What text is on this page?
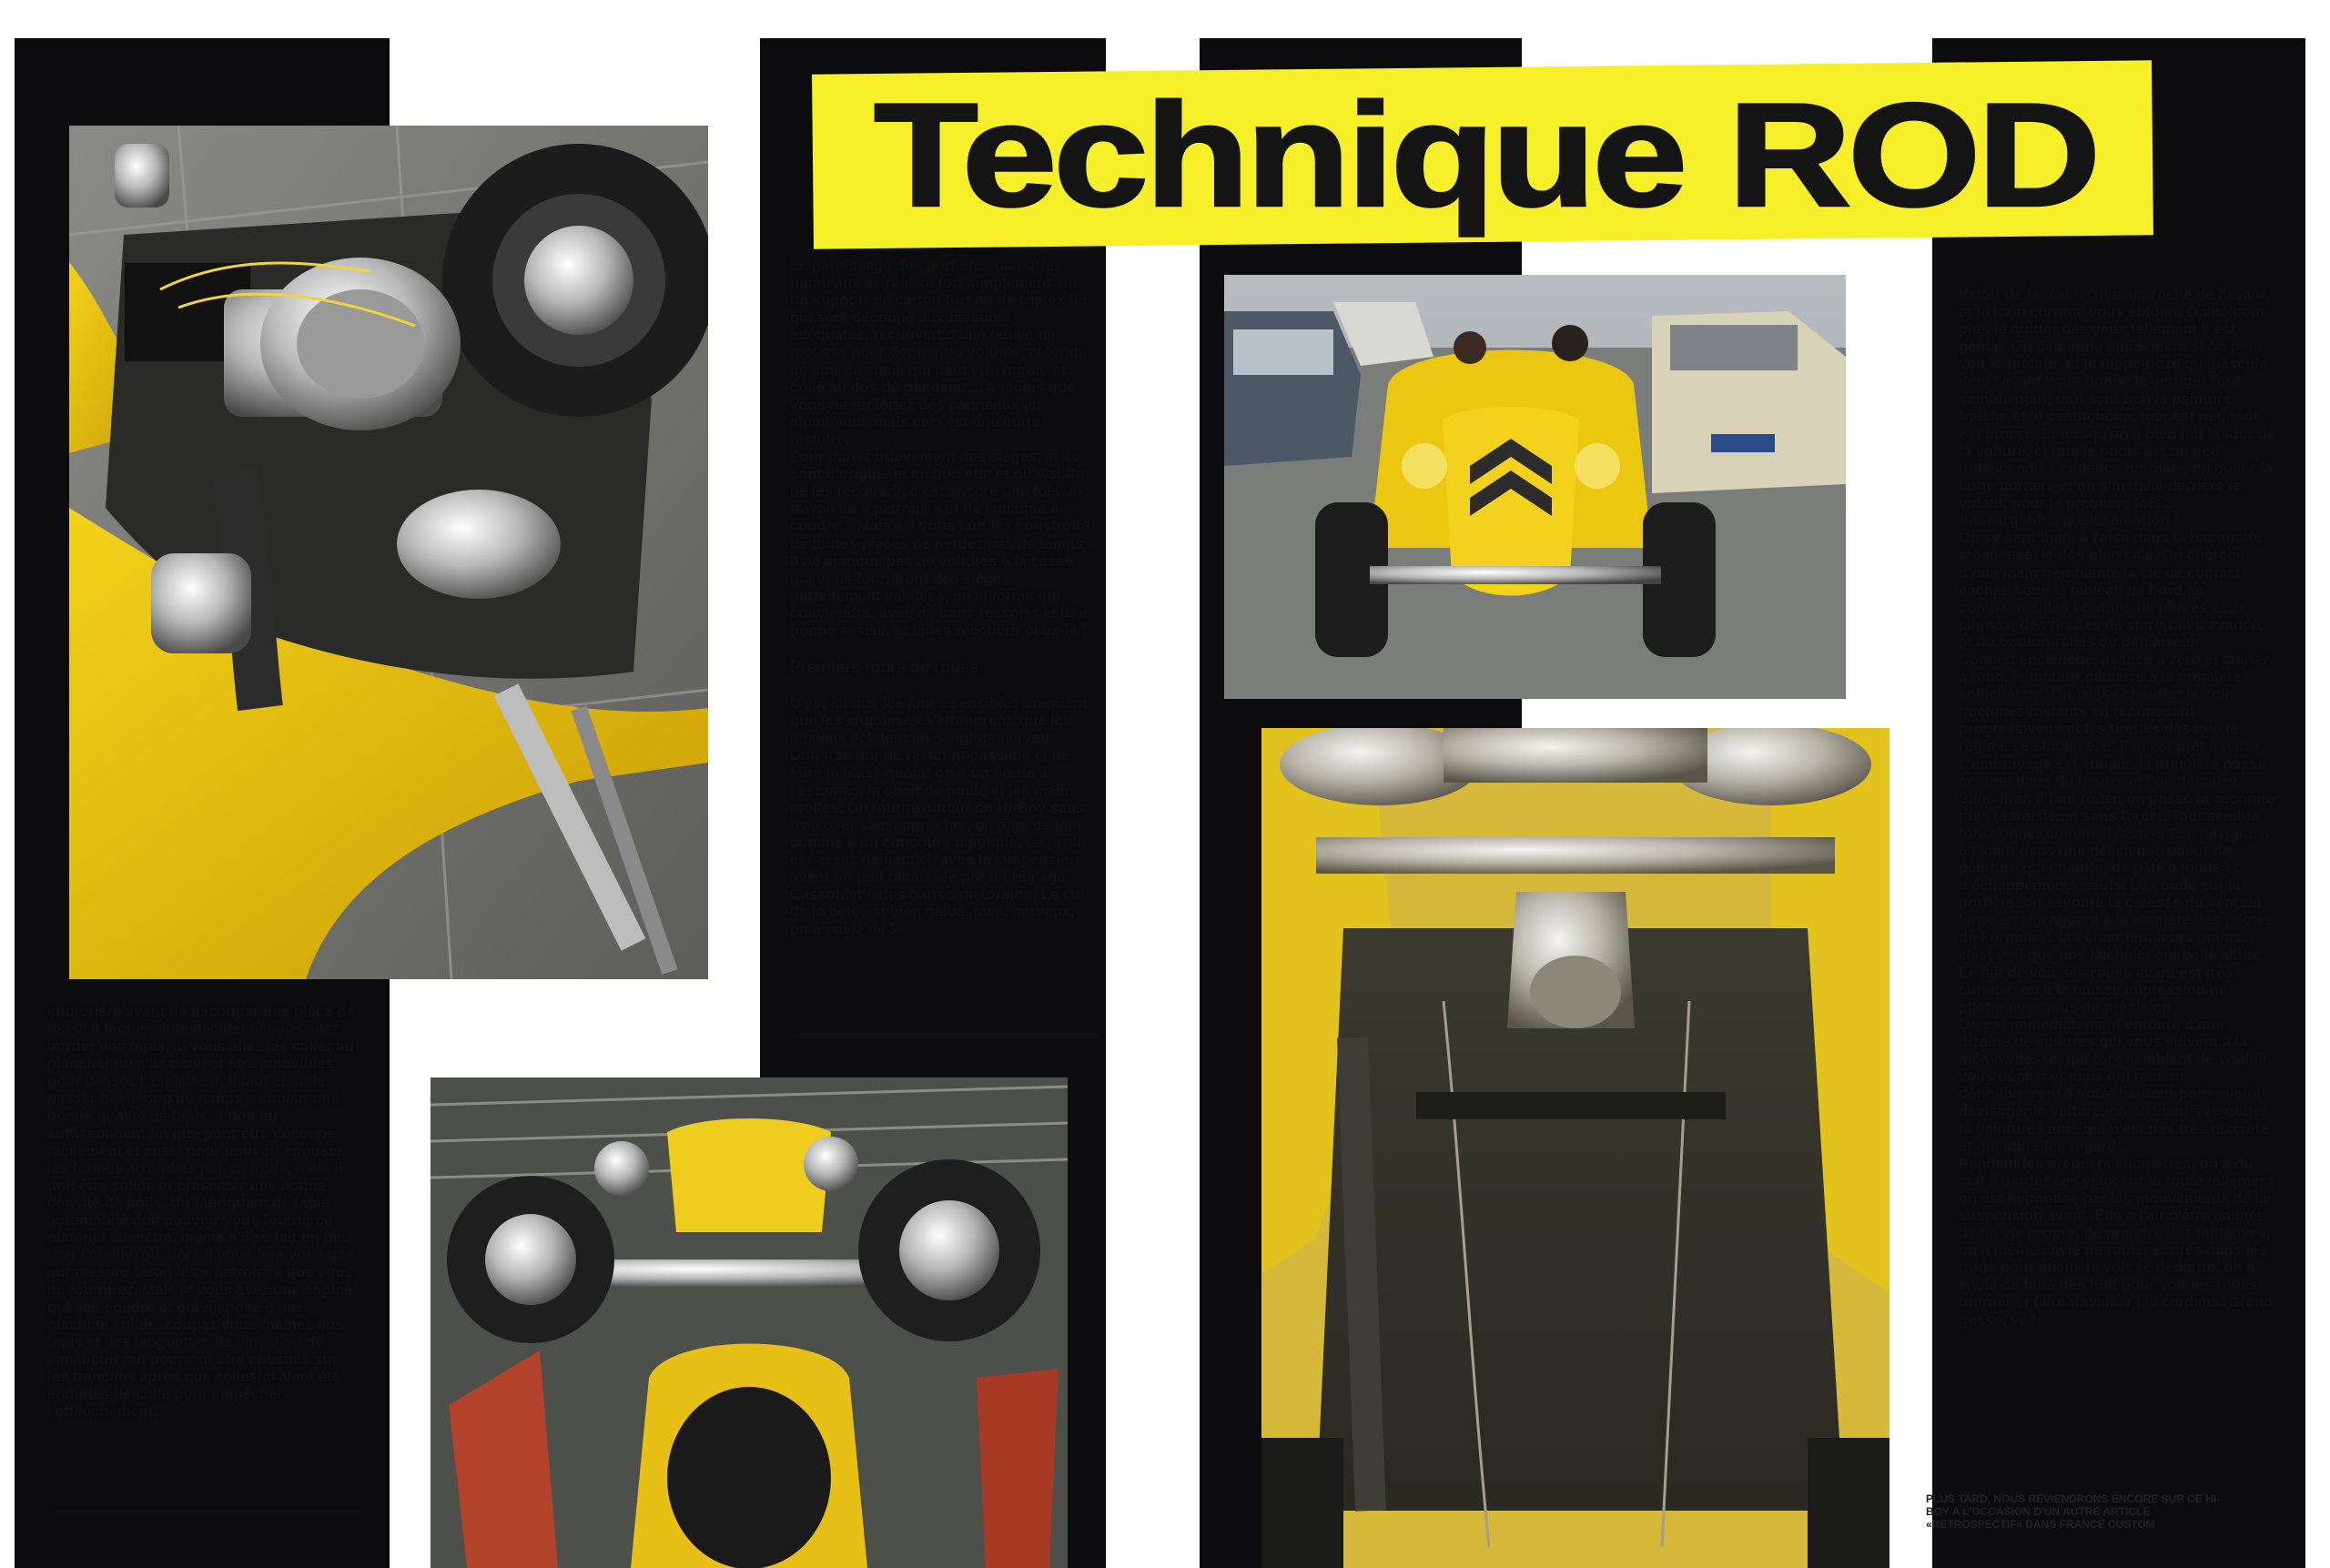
Technique ROD

couturière avant de découper une pièce de tissu. Il faut ensuite décider si vous allez border vos tapis, si vous allez les coller au plancher ou s'ils doivent être amovibles pour passez l'aspirateur. Il faut ensuite passer beaucoup de temps à choisir une bonne qualité de tapis. Il doit être suffisemment fin que pour être découpé facilement et aussi pour pouvoir épouser les formes arrondies par endroits, mais il doit être solide et présenter une bonne densité de poils. Un fabriquant de tapis automobile doit pouvoir vous fournir ce matériel au mètre, même s'il se fait un peu tirer l'oreille, ou alors il vous fera vos tapis sur mesure selon les « patrons » que vous lui fournirez. Mais si vous avez une copine qui sait coudre et qui dispose d'une machine solide, coupez vous-mêmes vos tapis et des languettes de vinyle ou de simili-cuir qui pourront être cousues sur les tranches après que celles-ci aient été enduites de colle pour empêcher l'effilochement.

Le garnissage des portières ou autres panneaux se réalise fort simplement sur un support de carton fort ou de triplex fin, qui sera découpé aux mesures adéquates, recouvert d'une feuille de mousse pour donner du volume, et tendu de cuir de simili qui peut être agrafé et collé au dos du panneau ... à moins que vous ne préfériez des panneaux en aluminium, mais ceci est une autre histoire.

Pour parler brièvement des sièges, si ils sont d'origine et en bon état et qu'il suffit de les recouvrir, c'est encore une fois un travail de « patrons » et de machine à coudre... Mais s'il vous faut les construire de toutes pièces ne perdez pas de temps ! Il ne manque pas de voitures à la casse qui vous fourniront des sièges parfaitement valables, de la forme qui conviendra, avec de bons ressorts et une bonne assise, et faites recouvrir ceux-là !

Premiers tours de roues

C'est ici que les âmes sensibles craquent, que les angoissés s'effondrent, que les anxieux éclatent en sanglots nerveux.

Dur, très dur de rester impassible et de faire le blasé quand on a un nœud à l'estomac, la chair de poule et les mains moites. On tourne autour du Hi-Boy sans trop oser s'en approcher, on juge de loin comme à un concours hippique. Le profil est assez démentiel, avec la suspension avant un poil rabaissée par un réglage « Cassoulet » des barres de torsion. Le cul de la bête est bien galbé, racé, nerveux, on a envie de le

flatter de la main. On s'approche de l'avant, et le train chromé vous éblouit. On ne peut plus le quitter des yeux tellement il est génial. On demande timidement si on peut voir le moteur, et le flippe-noze qui bascule vers l'avant vous donne le vertige. Tout semble neuf, tout sent bon la peinture fraîche et le caoutchouc, tout est net, tout est propre. Et lorsqu'on a bien fait le tour de la voiture, et que le pouls est un peu redescendu à cadence normale, on ouvre la large portière et on s'installe derrière le volant, pour la première fois...

Aaaaarghhh... quelle émotion !

On se sent bien, à l'aise dans la banquette moelleuse, le dos bien calé. On cherche d'une main tremblante la clé de contact, cachée sous le tableau de bord en compagnie des boutons de phares et de clignos, des tirettes de starter et d'avance, et du bouton-relais du démarreur

Contact enclenché, avance à zéro et starter à fond, le moteur démarre à la première sollicitation. On laisse chauffer la colle quelques instants en repoussant progressivement les tirettes dès que le régime se stabilise, et l'on est prêt à partir.

L'embrayage est souple, la première passe comme dans du beurre et l'on démarre... Sans tirer, il faut roder, on passe la seconde puis la troisième sans forcer. Tout semble fonctionner comme il faut, et l'on navigue à 60 km/h dans une délicieuse odeur de peinture qui chauffe, de pâte à joints et d'échappements neufs. Le coude sur la portière, on savoure la caresse du vent du large en zigzaguant à la manière des pilotes de Formule-1 qui chauffent leurs pneus... c'est vrai que nos Michelin ont belle allure. Le fait de voir ses roues avant est très curieux, on a la fausse impression de piloter avec plus de précision.

On est immédiatement entouré d'une dizaine de voitures qui vous suivent à la même vitesse, qui font semblant de vouloir vous dépasser mais qui restent définitivement à votre hauteur pour mieux dévisager la voiture, on en vient à regretter la peinture jaune qui n'est pas très discrète et qui attire les regards

Pendant les premiers kilomètres, on a du mal à garder ses yeux sur la route tellement on est hypnotisé par les mouvements de la suspension avant. Elle a l'air d'être animée d'une vie propre, de prendre des initiatives, on a même envie de rouler exprès dans les trous pour mieux la voir se débattre, on a envie de faire des huit pour voir les roues tourner et faire travailler les cardans. Grand gosse, va !

PLUS TARD, NOUS REVIENDRONS ENCORE SUR CE HI-BOY A L'OCCASION D'UN AUTRE ARTICLE «RETROSPECTIF» DANS FRANCE CUSTOM
